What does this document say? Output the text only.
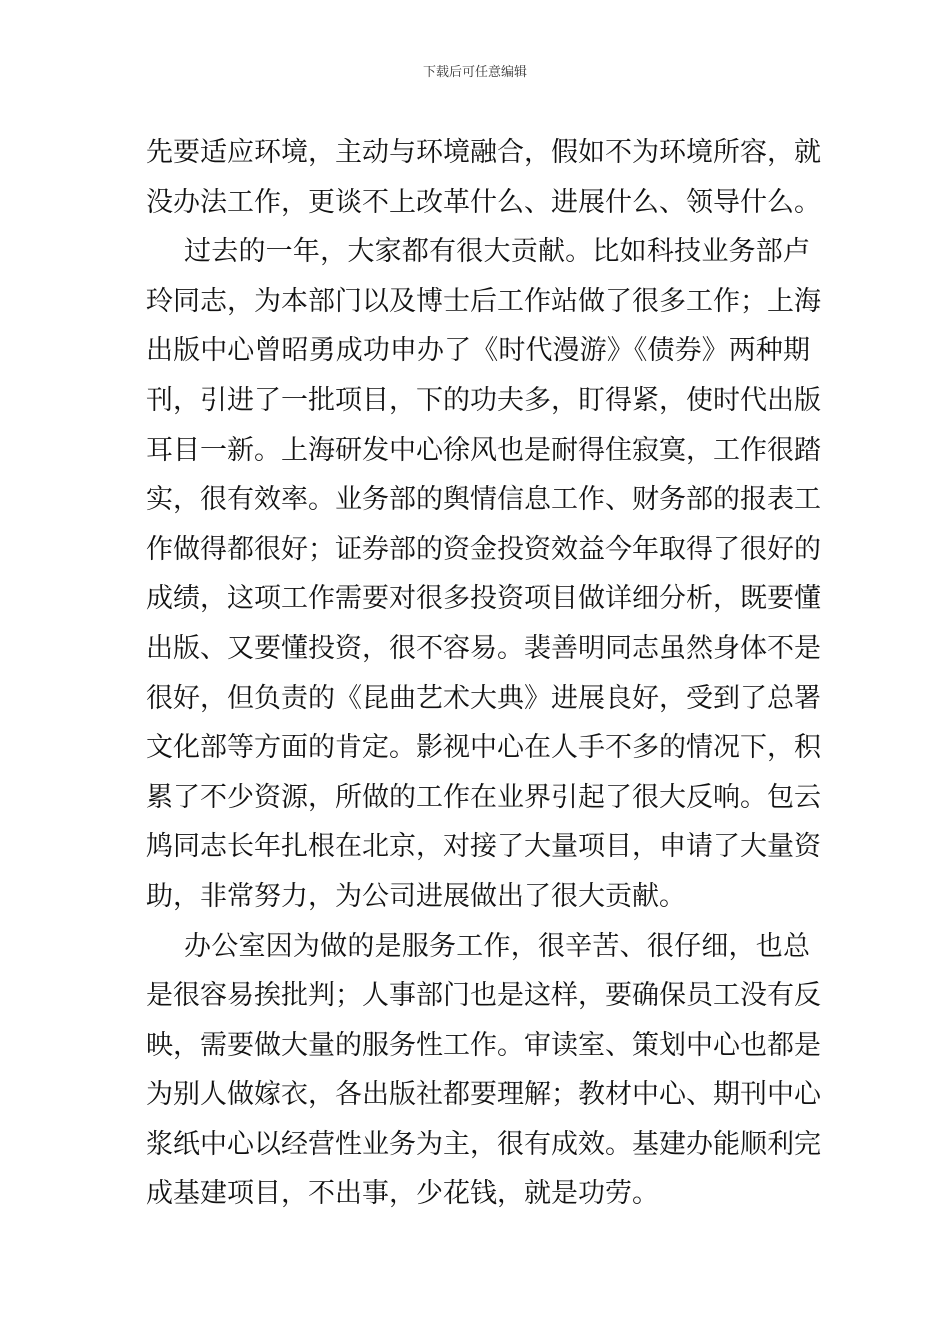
下载后可任意编辑
先要适应环境，主动与环境融合，假如不为环境所容，就
没办法工作，更谈不上改革什么、进展什么、领导什么。
过去的一年，大家都有很大贡献。比如科技业务部卢
玲同志，为本部门以及博士后工作站做了很多工作；上海
出版中心曾昭勇成功申办了《时代漫游》《债券》两种期
刊，引进了一批项目，下的功夫多，盯得紧，使时代出版
耳目一新。上海研发中心徐风也是耐得住寂寞，工作很踏
实，很有效率。业务部的舆情信息工作、财务部的报表工
作做得都很好；证券部的资金投资效益今年取得了很好的
成绩，这项工作需要对很多投资项目做详细分析，既要懂
出版、又要懂投资，很不容易。裴善明同志虽然身体不是
很好，但负责的《昆曲艺术大典》进展良好，受到了总署
文化部等方面的肯定。影视中心在人手不多的情况下，积
累了不少资源，所做的工作在业界引起了很大反响。包云
鸠同志长年扎根在北京，对接了大量项目，申请了大量资
助，非常努力，为公司进展做出了很大贡献。
办公室因为做的是服务工作，很辛苦、很仔细，也总
是很容易挨批判；人事部门也是这样，要确保员工没有反
映，需要做大量的服务性工作。审读室、策划中心也都是
为别人做嫁衣，各出版社都要理解；教材中心、期刊中心
浆纸中心以经营性业务为主，很有成效。基建办能顺利完
成基建项目，不出事，少花钱，就是功劳。
